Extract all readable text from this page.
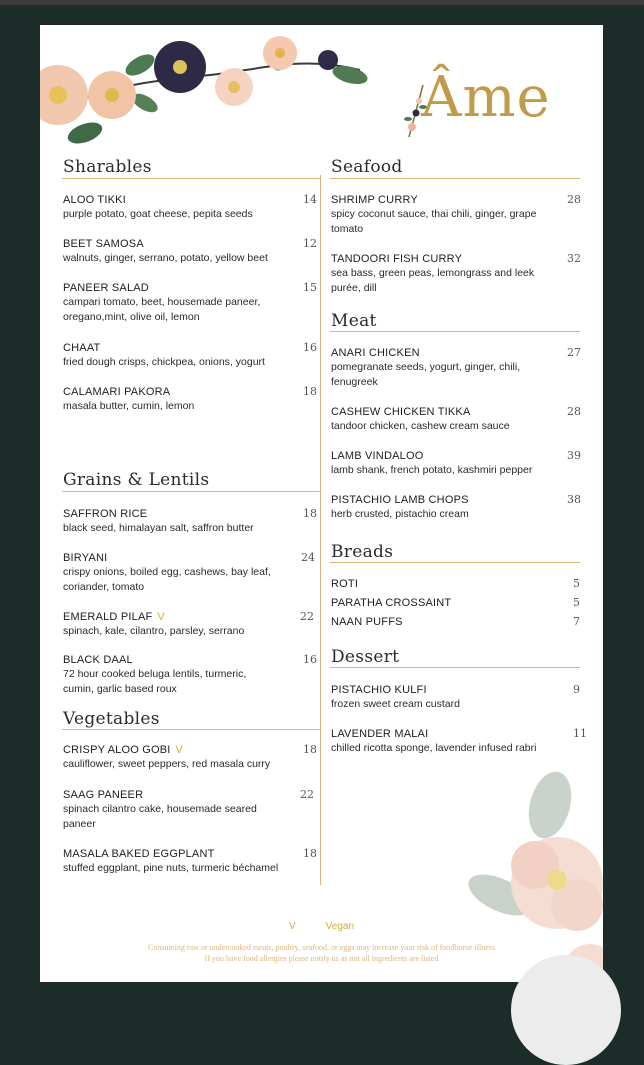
Âme
Sharables
ALOO TIKKI
purple potato, goat cheese, pepita seeds
14
BEET SAMOSA
walnuts, ginger, serrano, potato, yellow beet
12
PANEER SALAD
campari tomato, beet, housemade paneer,
oregano,mint, olive oil, lemon
15
CHAAT
fried dough crisps, chickpea, onions, yogurt
16
CALAMARI PAKORA
masala butter, cumin, lemon
18
Grains & Lentils
SAFFRON RICE
black seed, himalayan salt, saffron butter
18
BIRYANI
crispy onions, boiled egg, cashews, bay leaf,
coriander, tomato
24
EMERALD PILAF V
spinach, kale, cilantro, parsley, serrano
22
BLACK DAAL
72 hour cooked beluga lentils, turmeric,
cumin, garlic based roux
16
Vegetables
CRISPY ALOO GOBI V
cauliflower, sweet peppers, red masala curry
18
SAAG PANEER
spinach cilantro cake, housemade seared
paneer
22
MASALA BAKED EGGPLANT
stuffed eggplant, pine nuts, turmeric béchamel
18
Seafood
SHRIMP CURRY
spicy coconut sauce, thai chili, ginger, grape
tomato
28
TANDOORI FISH CURRY
sea bass, green peas, lemongrass and leek
purée, dill
32
Meat
ANARI CHICKEN
pomegranate seeds, yogurt, ginger, chili,
fenugreek
27
CASHEW CHICKEN TIKKA
tandoor chicken, cashew cream sauce
28
LAMB VINDALOO
lamb shank, french potato, kashmiri pepper
39
PISTACHIO LAMB CHOPS
herb crusted, pistachio cream
38
Breads
ROTI	5
PARATHA CROSSAINT	5
NAAN PUFFS	7
Dessert
PISTACHIO KULFI
frozen sweet cream custard
9
LAVENDER MALAI
chilled ricotta sponge, lavender infused rabri
11
V	Vegan
Consuming raw or undercooked meats, poultry, seafood, or eggs may increase your risk of foodborne illness
If you have food allergies please notify us as not all ingredients are listed
